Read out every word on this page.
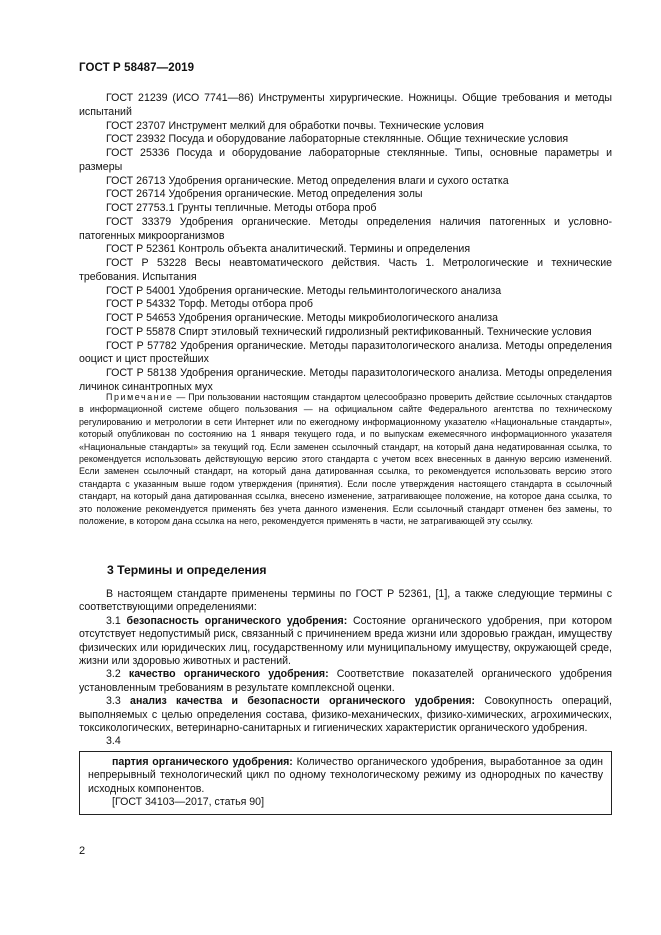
ГОСТ Р 58487—2019
ГОСТ 21239 (ИСО 7741—86) Инструменты хирургические. Ножницы. Общие требования и методы испытаний
ГОСТ 23707 Инструмент мелкий для обработки почвы. Технические условия
ГОСТ 23932 Посуда и оборудование лабораторные стеклянные. Общие технические условия
ГОСТ 25336 Посуда и оборудование лабораторные стеклянные. Типы, основные параметры и размеры
ГОСТ 26713 Удобрения органические. Метод определения влаги и сухого остатка
ГОСТ 26714 Удобрения органические. Метод определения золы
ГОСТ 27753.1 Грунты тепличные. Методы отбора проб
ГОСТ 33379 Удобрения органические. Методы определения наличия патогенных и условно-патогенных микроорганизмов
ГОСТ Р 52361 Контроль объекта аналитический. Термины и определения
ГОСТ Р 53228 Весы неавтоматического действия. Часть 1. Метрологические и технические требования. Испытания
ГОСТ Р 54001 Удобрения органические. Методы гельминтологического анализа
ГОСТ Р 54332 Торф. Методы отбора проб
ГОСТ Р 54653 Удобрения органические. Методы микробиологического анализа
ГОСТ Р 55878 Спирт этиловый технический гидролизный ректификованный. Технические условия
ГОСТ Р 57782 Удобрения органические. Методы паразитологического анализа. Методы определения ооцист и цист простейших
ГОСТ Р 58138 Удобрения органические. Методы паразитологического анализа. Методы определения личинок синантропных мух
Примечание — При пользовании настоящим стандартом целесообразно проверить действие ссылочных стандартов в информационной системе общего пользования — на официальном сайте Федерального агентства по техническому регулированию и метрологии в сети Интернет или по ежегодному информационному указателю «Национальные стандарты», который опубликован по состоянию на 1 января текущего года, и по выпускам ежемесячного информационного указателя «Национальные стандарты» за текущий год. Если заменен ссылочный стандарт, на который дана недатированная ссылка, то рекомендуется использовать действующую версию этого стандарта с учетом всех внесенных в данную версию изменений. Если заменен ссылочный стандарт, на который дана датированная ссылка, то рекомендуется использовать версию этого стандарта с указанным выше годом утверждения (принятия). Если после утверждения настоящего стандарта в ссылочный стандарт, на который дана датированная ссылка, внесено изменение, затрагивающее положение, на которое дана ссылка, то это положение рекомендуется применять без учета данного изменения. Если ссылочный стандарт отменен без замены, то положение, в котором дана ссылка на него, рекомендуется применять в части, не затрагивающей эту ссылку.
3 Термины и определения
В настоящем стандарте применены термины по ГОСТ Р 52361, [1], а также следующие термины с соответствующими определениями:
3.1 безопасность органического удобрения: Состояние органического удобрения, при котором отсутствует недопустимый риск, связанный с причинением вреда жизни или здоровью граждан, имуществу физических или юридических лиц, государственному или муниципальному имуществу, окружающей среде, жизни или здоровью животных и растений.
3.2 качество органического удобрения: Соответствие показателей органического удобрения установленным требованиям в результате комплексной оценки.
3.3 анализ качества и безопасности органического удобрения: Совокупность операций, выполняемых с целью определения состава, физико-механических, физико-химических, агрохимических, токсикологических, ветеринарно-санитарных и гигиенических характеристик органического удобрения.
3.4
партия органического удобрения: Количество органического удобрения, выработанное за один непрерывный технологический цикл по одному технологическому режиму из однородных по качеству исходных компонентов.
[ГОСТ 34103—2017, статья 90]
2
